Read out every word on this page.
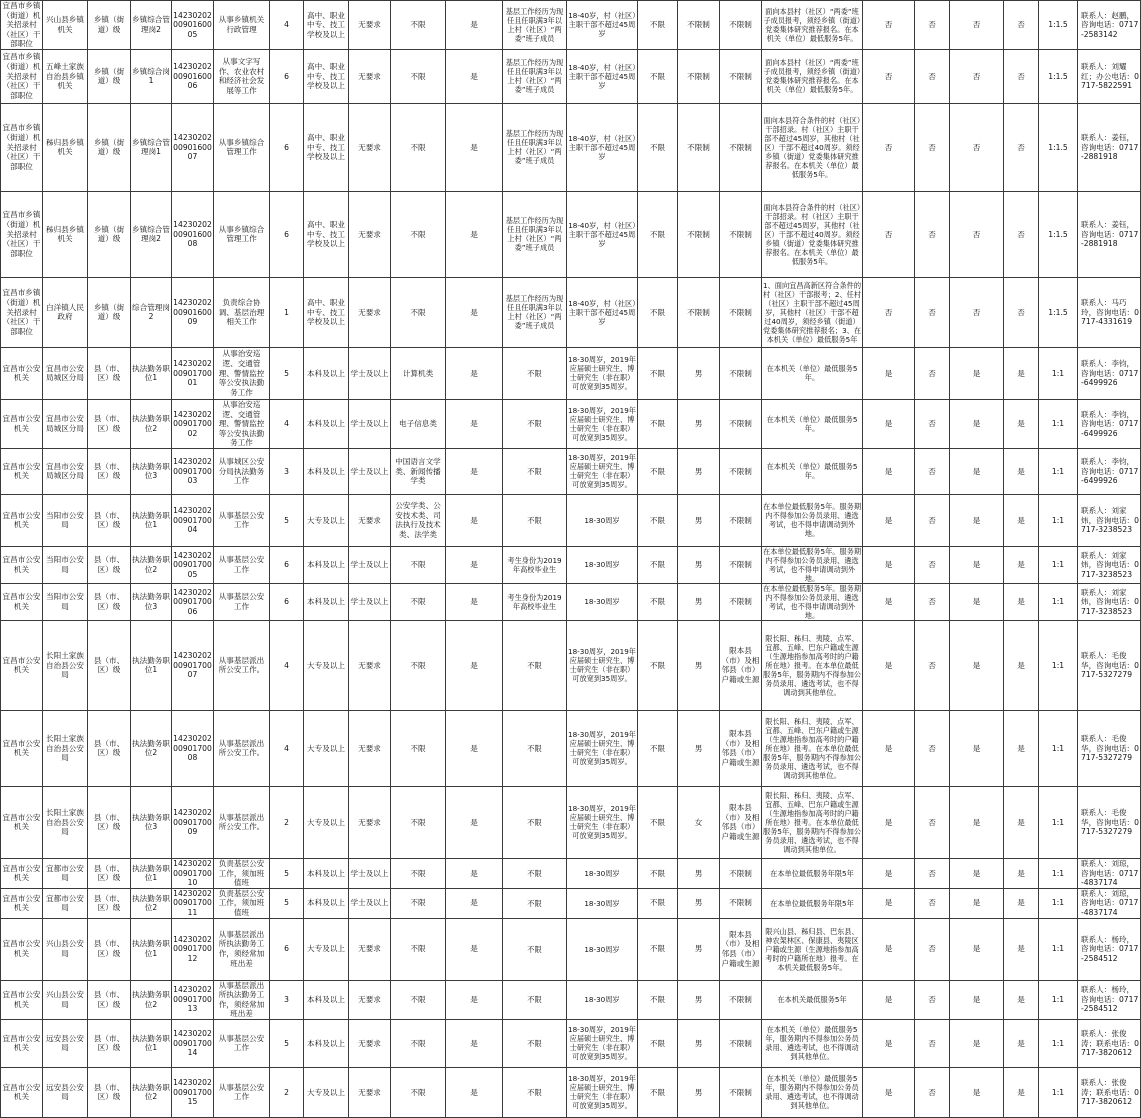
宜昌市乡镇（街道）机关招录村（社区）干部职位	兴山县乡镇机关	乡镇（街道）级	乡镇综合管理岗2	142302020090160005	从事乡镇机关行政管理	4	高中、职业中专、技工学校及以上	无要求	不限	是	基层工作经历为现任且任职满3年以上村（社区）“两委”班子成员	18-40岁，村（社区）主职干部不超过45周岁	不限	不限制	不限制	面向本县村（社区）“两委”班子成员报考，须经乡镇（街道）党委集体研究推荐报名。在本机关（单位）最低服务5年。	否	否	否	否	1:1.5	联系人：赵鹏，咨询电话：0717-2583142
宜昌市乡镇（街道）机关招录村（社区）干部职位	五峰土家族自治县乡镇机关	乡镇（街道）级	乡镇综合岗1	142302020090160006	从事文字写作、农业农村和经济社会发展等工作	6	高中、职业中专、技工学校及以上	无要求	不限	是	基层工作经历为现任且任职满3年以上村（社区）“两委”班子成员	18-40岁，村（社区）主职干部不超过45周岁	不限	不限制	不限制	面向本县村（社区）“两委”班子成员报考，须经乡镇（街道）党委集体研究推荐报名。在本机关（单位）最低服务5年。	否	否	否	否	1:1.5	联系人：刘耀红；办公电话：0717-5822591
宜昌市乡镇（街道）机关招录村（社区）干部职位	秭归县乡镇机关	乡镇（街道）级	乡镇综合管理岗1	142302020090160007	从事乡镇综合管理工作	6	高中、职业中专、技工学校及以上	无要求	不限	是	基层工作经历为现任且任职满3年以上村（社区）“两委”班子成员	18-40岁，村（社区）主职干部不超过45周岁	不限	不限制	不限制	面向本县符合条件的村（社区）干部招录。村（社区）主职干部不超过45周岁，其他村（社区）干部不超过40周岁。须经乡镇（街道）党委集体研究推荐报名。在本机关（单位）最低服务5年。	否	否	否	否	1:1.5	联系人：姜钰，咨询电话：0717-2881918
宜昌市乡镇（街道）机关招录村（社区）干部职位	秭归县乡镇机关	乡镇（街道）级	乡镇综合管理岗2	142302020090160008	从事乡镇综合管理工作	6	高中、职业中专、技工学校及以上	无要求	不限	是	基层工作经历为现任且任职满3年以上村（社区）“两委”班子成员	18-40岁，村（社区）主职干部不超过45周岁	不限	不限制	不限制	面向本县符合条件的村（社区）干部招录。村（社区）主职干部不超过45周岁，其他村（社区）干部不超过40周岁。须经乡镇（街道）党委集体研究推荐报名。在本机关（单位）最低服务5年。	否	否	否	否	1:1.5	联系人：姜钰，咨询电话：0717-2881918
宜昌市乡镇（街道）机关招录村（社区）干部职位	白洋镇人民政府	乡镇（街道）级	综合管理岗2	142302020090160009	负责综合协调、基层治理相关工作	1	高中、职业中专、技工学校及以上	无要求	不限	是	基层工作经历为现任且任职满3年以上村（社区）“两委”班子成员	18-40岁，村（社区）主职干部不超过45周岁	不限	不限制	不限制	1、面向宜昌高新区符合条件的村（社区）干部报考；2、任村（社区）主职干部不超过45周岁，其他村（社区）干部不超过40周岁，须经乡镇（街道）党委集体研究推荐报名；3、在本机关（单位）最低服务5年	否	否	否	否	1:1.5	联系人：马巧玲，咨询电话：0717-4331619
宜昌市公安机关	宜昌市公安局城区分局	县（市、区）级	执法勤务职位1	142302020090170001	从事治安巡逻、交通管理、警情监控等公安执法勤务工作	5	本科及以上	学士及以上	计算机类	是	不限	18-30周岁，2019年应届硕士研究生、博士研究生（非在职）可放宽到35周岁。	不限	男	不限制	在本机关（单位）最低服务5年。	是	否	是	是	1:1	联系人：李钧，咨询电话：0717-6499926
宜昌市公安机关	宜昌市公安局城区分局	县（市、区）级	执法勤务职位2	142302020090170002	从事治安巡逻、交通管理、警情监控等公安执法勤务工作	4	本科及以上	学士及以上	电子信息类	是	不限	18-30周岁，2019年应届硕士研究生、博士研究生（非在职）可放宽到35周岁。	不限	男	不限制	在本机关（单位）最低服务5年。	是	否	是	是	1:1	联系人：李钧，咨询电话：0717-6499926
宜昌市公安机关	宜昌市公安局城区分局	县（市、区）级	执法勤务职位3	142302020090170003	从事城区公安分局执法勤务工作	3	本科及以上	学士及以上	中国语言文学类、新闻传播学类	是	不限	18-30周岁，2019年应届硕士研究生、博士研究生（非在职）可放宽到35周岁。	不限	男	不限制	在本机关（单位）最低服务5年。	是	否	是	是	1:1	联系人：李钧，咨询电话：0717-6499926
宜昌市公安机关	当阳市公安局	县（市、区）级	执法勤务职位1	142302020090170004	从事基层公安工作	5	大专及以上	无要求	公安学类、公安技术类、司法执行及技术类、法学类	是	不限	18-30周岁	不限	男	不限制	在本单位最低服务5年。服务期内不得参加公务员录用、遴选考试，也不得申请调动到外地。	是	否	是	是	1:1	联系人：刘家炜，咨询电话：0717-3238523
宜昌市公安机关	当阳市公安局	县（市、区）级	执法勤务职位2	142302020090170005	从事基层公安工作	6	本科及以上	学士及以上	不限	是	考生身份为2019年高校毕业生	18-30周岁	不限	男	不限制	在本单位最低服务5年。服务期内不得参加公务员录用、遴选考试，也不得申请调动到外地。	是	否	是	是	1:1	联系人：刘家炜，咨询电话：0717-3238523
宜昌市公安机关	当阳市公安局	县（市、区）级	执法勤务职位3	142302020090170006	从事基层公安工作	6	本科及以上	学士及以上	不限	是	考生身份为2019年高校毕业生	18-30周岁	不限	男	不限制	在本单位最低服务5年。服务期内不得参加公务员录用、遴选考试，也不得申请调动到外地。	是	否	是	是	1:1	联系人：刘家炜，咨询电话：0717-3238523
宜昌市公安机关	长阳土家族自治县公安局	县（市、区）级	执法勤务职位1	142302020090170007	从事基层派出所公安工作。	4	大专及以上	无要求	不限	是	不限	18-30周岁，2019年应届硕士研究生、博士研究生（非在职）可放宽到35周岁。	不限	男	限本县（市）及相邻县（市）户籍或生源	限长阳、秭归、夷陵、点军、宜都、五峰、巴东户籍或生源（生源地指参加高考时的户籍所在地）报考。在本单位最低服务5年，服务期内不得参加公务员录用、遴选考试，也不得调动到其他单位。	是	否	是	是	1:1	联系人：毛俊华，咨询电话：0717-5327279
宜昌市公安机关	长阳土家族自治县公安局	县（市、区）级	执法勤务职位2	142302020090170008	从事基层派出所公安工作。	4	大专及以上	无要求	不限	是	不限	18-30周岁，2019年应届硕士研究生、博士研究生（非在职）可放宽到35周岁。	不限	男	限本县（市）及相邻县（市）户籍或生源	限长阳、秭归、夷陵、点军、宜都、五峰、巴东户籍或生源（生源地指参加高考时的户籍所在地）报考。在本单位最低服务5年，服务期内不得参加公务员录用、遴选考试，也不得调动到其他单位。	是	否	是	是	1:1	联系人：毛俊华，咨询电话：0717-5327279
宜昌市公安机关	长阳土家族自治县公安局	县（市、区）级	执法勤务职位3	142302020090170009	从事基层派出所公安工作。	2	大专及以上	无要求	不限	是	不限	18-30周岁，2019年应届硕士研究生、博士研究生（非在职）可放宽到35周岁。	不限	女	限本县（市）及相邻县（市）户籍或生源	限长阳、秭归、夷陵、点军、宜都、五峰、巴东户籍或生源（生源地指参加高考时的户籍所在地）报考。在本单位最低服务5年，服务期内不得参加公务员录用、遴选考试，也不得调动到其他单位。	是	否	是	是	1:1	联系人：毛俊华，咨询电话：0717-5327279
宜昌市公安机关	宜都市公安局	县（市、区）级	执法勤务职位1	142302020090170010	负责基层公安工作，须加班值班	5	本科及以上	学士及以上	不限	是	不限	18-30周岁	不限	男	不限制	在本单位最低服务年限5年	是	否	是	是	1:1	联系人：刘琼，咨询电话：0717-4837174
宜昌市公安机关	宜都市公安局	县（市、区）级	执法勤务职位2	142302020090170011	负责基层公安工作，须加班值班	5	本科及以上	学士及以上	不限	是	不限	18-30周岁	不限	男	不限制	在本单位最低服务年限5年	是	否	是	是	1:1	联系人：刘琼，咨询电话：0717-4837174
宜昌市公安机关	兴山县公安局	县（市、区）级	执法勤务职位1	142302020090170012	从事基层派出所执法勤务工作，须经常加班出差	6	大专及以上	无要求	不限	是	不限	18-30周岁	不限	男	限本县（市）及相邻县（市）户籍或生源	限兴山县、秭归县、巴东县、神农架林区、保康县、夷陵区户籍或生源（生源地指参加高考时的户籍所在地）报考。在本机关最低服务5年。	是	否	是	是	1:1	联系人：杨玲，咨询电话：0717-2584512
宜昌市公安机关	兴山县公安局	县（市、区）级	执法勤务职位2	142302020090170013	从事基层派出所执法勤务工作，须经常加班出差	3	本科及以上	无要求	不限	是	不限	18-30周岁	不限	男	不限制	在本机关最低服务5年	是	否	是	是	1:1	联系人：杨玲，咨询电话：0717-2584512
宜昌市公安机关	远安县公安局	县（市、区）级	执法勤务职位1	142302020090170014	从事基层公安工作	5	本科及以上	无要求	不限	是	不限	18-30周岁，2019年应届硕士研究生、博士研究生（非在职）可放宽到35周岁。	不限	男	不限制	在本机关（单位）最低服务5年，服务期内不得参加公务员录用、遴选考试，也不得调动到其他单位。	是	否	是	是	1:1	联系人：张俊涛；联系电话：0717-3820612
宜昌市公安机关	远安县公安局	县（市、区）级	执法勤务职位2	142302020090170015	从事基层公安工作	2	大专及以上	无要求	不限	是	不限	18-30周岁，2019年应届硕士研究生、博士研究生（非在职）可放宽到35周岁。	不限	男	不限制	在本机关（单位）最低服务5年，服务期内不得参加公务员录用、遴选考试，也不得调动到其他单位。	是	否	是	是	1:1	联系人：张俊涛；联系电话：0717-3820612
